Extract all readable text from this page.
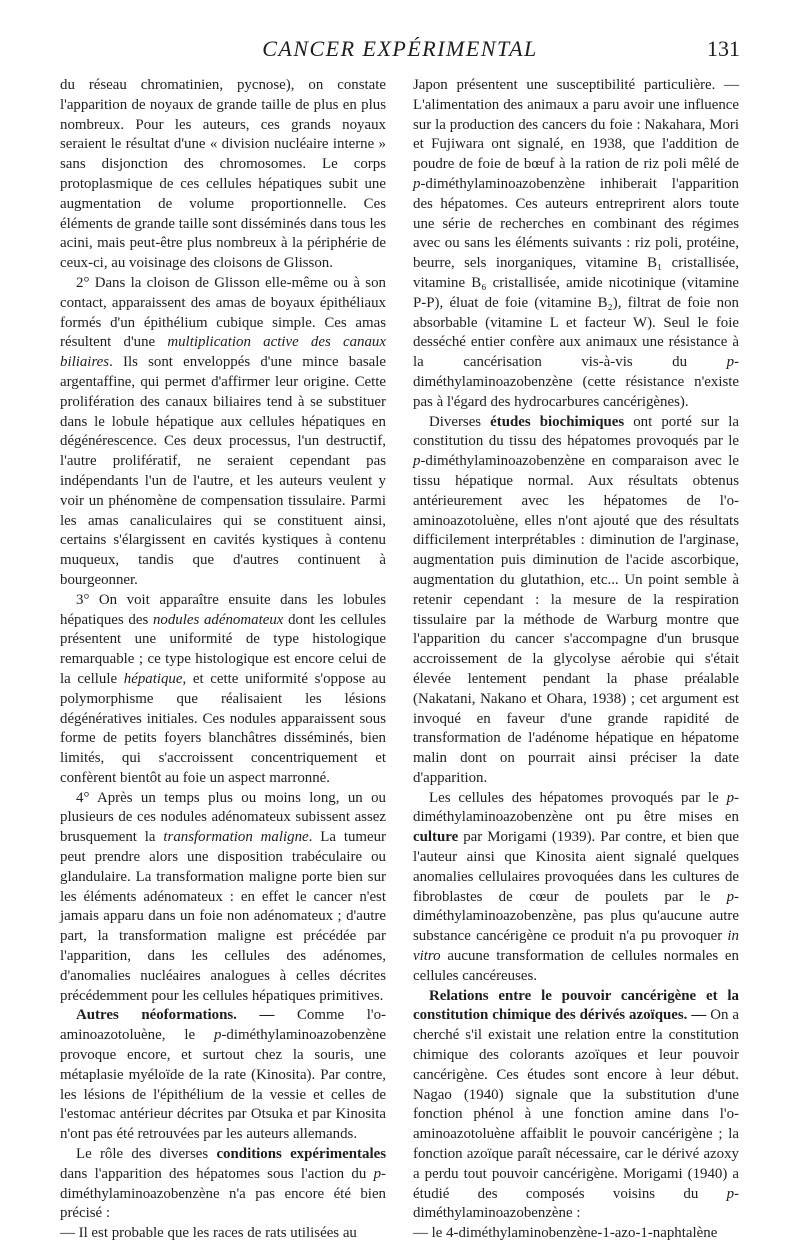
CANCER EXPÉRIMENTAL	131

du réseau chromatinien, pycnose), on constate l'apparition de noyaux de grande taille de plus en plus nombreux. Pour les auteurs, ces grands noyaux seraient le résultat d'une « division nucléaire interne » sans disjonction des chromosomes. Le corps protoplasmique de ces cellules hépatiques subit une augmentation de volume proportionnelle. Ces éléments de grande taille sont disséminés dans tous les acini, mais peut-être plus nombreux à la périphérie de ceux-ci, au voisinage des cloisons de Glisson.

2° Dans la cloison de Glisson elle-même ou à son contact, apparaissent des amas de boyaux épithéliaux formés d'un épithélium cubique simple. Ces amas résultent d'une multiplication active des canaux biliaires. Ils sont enveloppés d'une mince basale argentaffine, qui permet d'affirmer leur origine. Cette prolifération des canaux biliaires tend à se substituer dans le lobule hépatique aux cellules hépatiques en dégénérescence. Ces deux processus, l'un destructif, l'autre prolifératif, ne seraient cependant pas indépendants l'un de l'autre, et les auteurs veulent y voir un phénomène de compensation tissulaire. Parmi les amas canaliculaires qui se constituent ainsi, certains s'élargissent en cavités kystiques à contenu muqueux, tandis que d'autres continuent à bourgeonner.

3° On voit apparaître ensuite dans les lobules hépatiques des nodules adénomateux dont les cellules présentent une uniformité de type histologique remarquable ; ce type histologique est encore celui de la cellule hépatique, et cette uniformité s'oppose au polymorphisme que réalisaient les lésions dégénératives initiales. Ces nodules apparaissent sous forme de petits foyers blanchâtres disséminés, bien limités, qui s'accroissent concentriquement et confèrent bientôt au foie un aspect marronné.

4° Après un temps plus ou moins long, un ou plusieurs de ces nodules adénomateux subissent assez brusquement la transformation maligne. La tumeur peut prendre alors une disposition trabéculaire ou glandulaire. La transformation maligne porte bien sur les éléments adénomateux : en effet le cancer n'est jamais apparu dans un foie non adénomateux ; d'autre part, la transformation maligne est précédée par l'apparition, dans les cellules des adénomes, d'anomalies nucléaires analogues à celles décrites précédemment pour les cellules hépatiques primitives.

Autres néoformations. — Comme l'o-aminoazotoluène, le p-diméthylaminoazobenzène provoque encore, et surtout chez la souris, une métaplasie myéloïde de la rate (Kinosita). Par contre, les lésions de l'épithélium de la vessie et celles de l'estomac antérieur décrites par Otsuka et par Kinosita n'ont pas été retrouvées par les auteurs allemands.

Le rôle des diverses conditions expérimentales dans l'apparition des hépatomes sous l'action du p-diméthylaminoazobenzène n'a pas encore été bien précisé :

— Il est probable que les races de rats utilisées au

Japon présentent une susceptibilité particulière. — L'alimentation des animaux a paru avoir une influence sur la production des cancers du foie : Nakahara, Mori et Fujiwara ont signalé, en 1938, que l'addition de poudre de foie de bœuf à la ration de riz poli mêlé de p-diméthylaminoazobenzène inhiberait l'apparition des hépatomes. Ces auteurs entreprirent alors toute une série de recherches en combinant des régimes avec ou sans les éléments suivants : riz poli, protéine, beurre, sels inorganiques, vitamine B₁ cristallisée, vitamine B₆ cristallisée, amide nicotinique (vitamine P-P), éluat de foie (vitamine B₂), filtrat de foie non absorbable (vitamine L et facteur W). Seul le foie desséché entier confère aux animaux une résistance à la cancérisation vis-à-vis du p-diméthylaminoazobenzène (cette résistance n'existe pas à l'égard des hydrocarbures cancérigènes).

Diverses études biochimiques ont porté sur la constitution du tissu des hépatomes provoqués par le p-diméthylaminoazobenzène en comparaison avec le tissu hépatique normal. Aux résultats obtenus antérieurement avec les hépatomes de l'o-aminoazotoluène, elles n'ont ajouté que des résultats difficilement interprétables : diminution de l'arginase, augmentation puis diminution de l'acide ascorbique, augmentation du glutathion, etc... Un point semble à retenir cependant : la mesure de la respiration tissulaire par la méthode de Warburg montre que l'apparition du cancer s'accompagne d'un brusque accroissement de la glycolyse aérobie qui s'était élevée lentement pendant la phase préalable (Nakatani, Nakano et Ohara, 1938) ; cet argument est invoqué en faveur d'une grande rapidité de transformation de l'adénome hépatique en hépatome malin dont on pourrait ainsi préciser la date d'apparition.

Les cellules des hépatomes provoqués par le p-diméthylaminoazobenzène ont pu être mises en culture par Morigami (1939). Par contre, et bien que l'auteur ainsi que Kinosita aient signalé quelques anomalies cellulaires provoquées dans les cultures de fibroblastes de cœur de poulets par le p-diméthylaminoazobenzène, pas plus qu'aucune autre substance cancérigène ce produit n'a pu provoquer in vitro aucune transformation de cellules normales en cellules cancéreuses.

Relations entre le pouvoir cancérigène et la constitution chimique des dérivés azoïques. — On a cherché s'il existait une relation entre la constitution chimique des colorants azoïques et leur pouvoir cancérigène. Ces études sont encore à leur début. Nagao (1940) signale que la substitution d'une fonction phénol à une fonction amine dans l'o-aminoazotoluène affaiblit le pouvoir cancérigène ; la fonction azoïque paraît nécessaire, car le dérivé azoxy a perdu tout pouvoir cancérigène. Morigami (1940) a étudié des composés voisins du p-diméthylaminoazobenzène :

— le 4-diméthylaminobenzène-1-azo-1-naphtalène
